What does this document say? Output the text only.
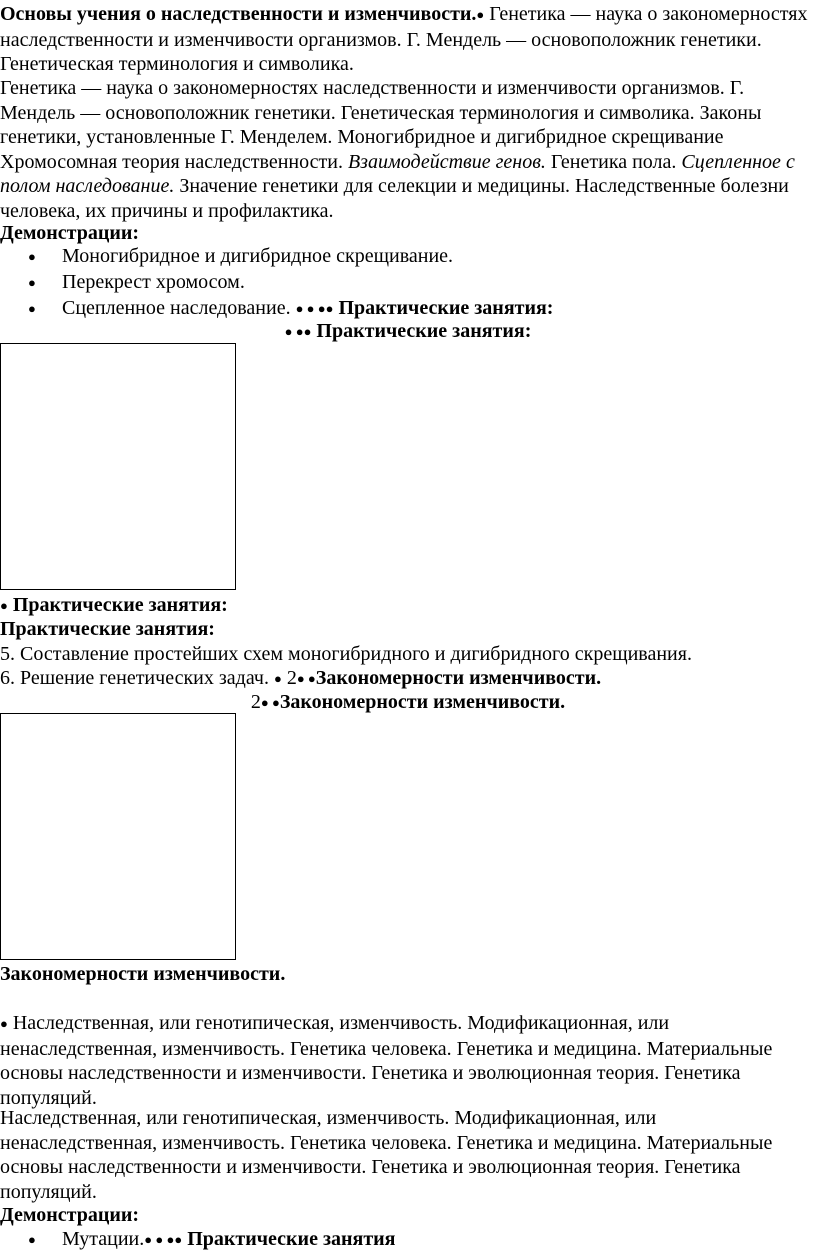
Основы учения о наследственности и изменчивости.● Генетика — наука о закономерностях наследственности и изменчивости организмов. Г. Мендель — основоположник генетики. Генетическая терминология и символика.

Генетика — наука о закономерностях наследственности и изменчивости организмов. Г. Мендель — основоположник генетики. Генетическая терминология и символика. Законы генетики, установленные Г. Менделем. Моногибридное и дигибридное скрещивание Хромосомная теория наследственности. Взаимодействие генов. Генетика пола. Сцепленное с полом наследование. Значение генетики для селекции и медицины. Наследственные болезни человека, их причины и профилактика.

Демонстрации:

● Моногибридное и дигибридное скрещивание.
● Перекрест хромосом.
● Сцепленное наследование. ● ● ●● Практические занятия:

● ●● Практические занятия:

● Практические занятия:

Практические занятия:

5. Составление простейших схем моногибридного и дигибридного скрещивания.

6. Решение генетических задач. ● 2● ●Закономерности изменчивости.

2● ●Закономерности изменчивости.

Закономерности изменчивости.

● Наследственная, или генотипическая, изменчивость. Модификационная, или ненаследственная, изменчивость. Генетика человека. Генетика и медицина. Материальные основы наследственности и изменчивости. Генетика и эволюционная теория. Генетика популяций.

Наследственная, или генотипическая, изменчивость. Модификационная, или ненаследственная, изменчивость. Генетика человека. Генетика и медицина. Материальные основы наследственности и изменчивости. Генетика и эволюционная теория. Генетика популяций.

Демонстрации:

● Мутации.● ● ●● Практические занятия
